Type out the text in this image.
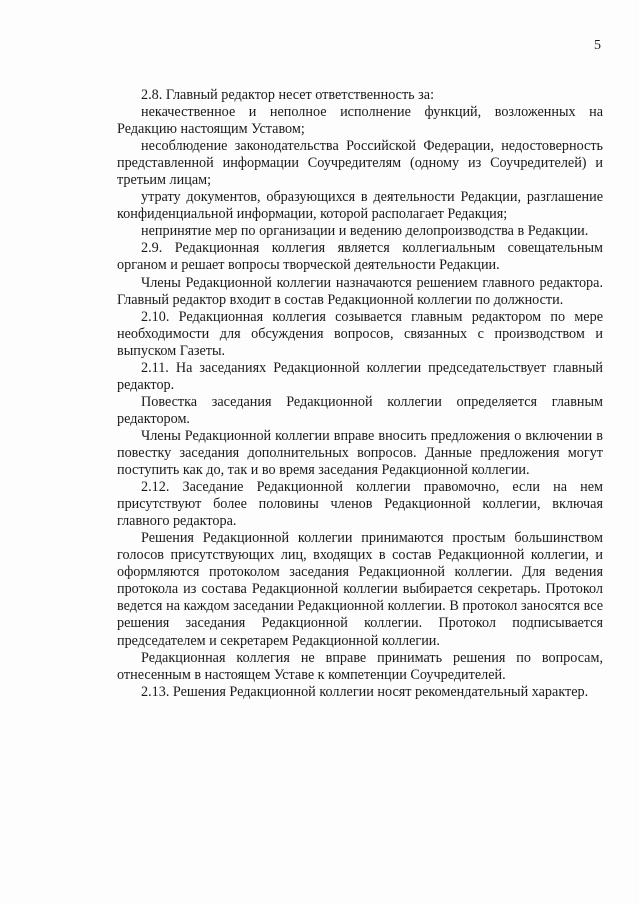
5

2.8. Главный редактор несет ответственность за:

некачественное и неполное исполнение функций, возложенных на Редакцию настоящим Уставом;

несоблюдение законодательства Российской Федерации, недостоверность представленной информации Соучредителям (одному из Соучредителей) и третьим лицам;

утрату документов, образующихся в деятельности Редакции, разглашение конфиденциальной информации, которой располагает Редакция;

непринятие мер по организации и ведению делопроизводства в Редакции.

2.9. Редакционная коллегия является коллегиальным совещательным органом и решает вопросы творческой деятельности Редакции.

Члены Редакционной коллегии назначаются решением главного редактора. Главный редактор входит в состав Редакционной коллегии по должности.

2.10. Редакционная коллегия созывается главным редактором по мере необходимости для обсуждения вопросов, связанных с производством и выпуском Газеты.

2.11. На заседаниях Редакционной коллегии председательствует главный редактор.

Повестка заседания Редакционной коллегии определяется главным редактором.

Члены Редакционной коллегии вправе вносить предложения о включении в повестку заседания дополнительных вопросов. Данные предложения могут поступить как до, так и во время заседания Редакционной коллегии.

2.12. Заседание Редакционной коллегии правомочно, если на нем присутствуют более половины членов Редакционной коллегии, включая главного редактора.

Решения Редакционной коллегии принимаются простым большинством голосов присутствующих лиц, входящих в состав Редакционной коллегии, и оформляются протоколом заседания Редакционной коллегии. Для ведения протокола из состава Редакционной коллегии выбирается секретарь. Протокол ведется на каждом заседании Редакционной коллегии. В протокол заносятся все решения заседания Редакционной коллегии. Протокол подписывается председателем и секретарем Редакционной коллегии.

Редакционная коллегия не вправе принимать решения по вопросам, отнесенным в настоящем Уставе к компетенции Соучредителей.

2.13. Решения Редакционной коллегии носят рекомендательный характер.
